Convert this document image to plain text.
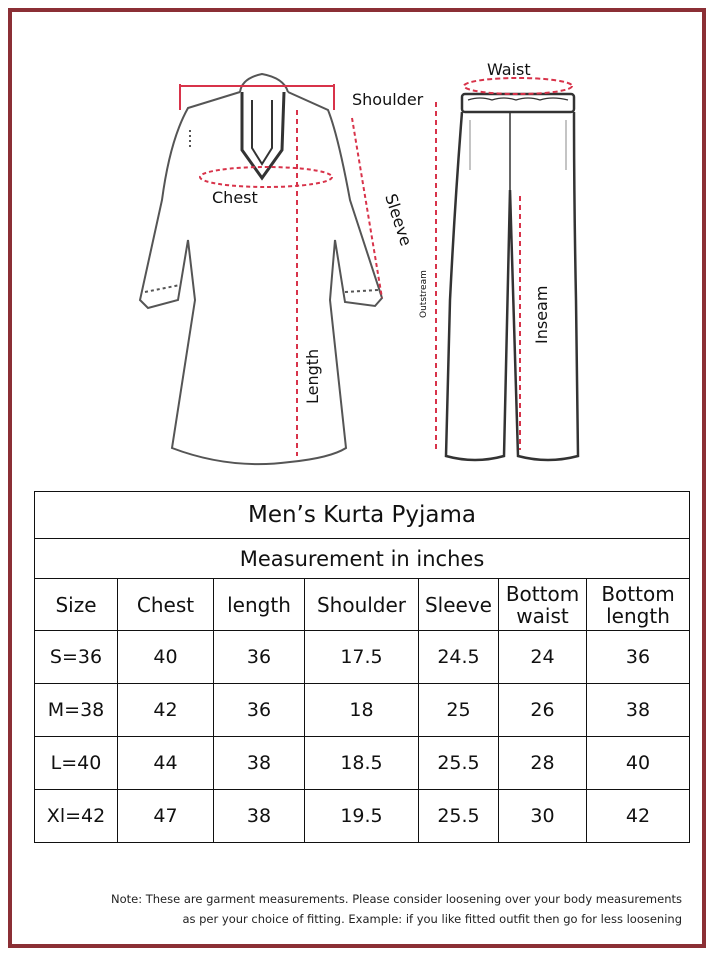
Shoulder
Chest	Sleeve
Length
Waist
Outstream	Inseam
Men’s Kurta Pyjama						
Measurement in inches						
Size	Chest	length	Shoulder	Sleeve	Bottom waist	Bottom length
S=36	40	36	17.5	24.5	24	36
M=38	42	36	18	25	26	38
L=40	44	38	18.5	25.5	28	40
Xl=42	47	38	19.5	25.5	30	42
Note: These are garment measurements. Please consider loosening over your body measurements
as per your choice of fitting. Example: if you like fitted outfit then go for less loosening
